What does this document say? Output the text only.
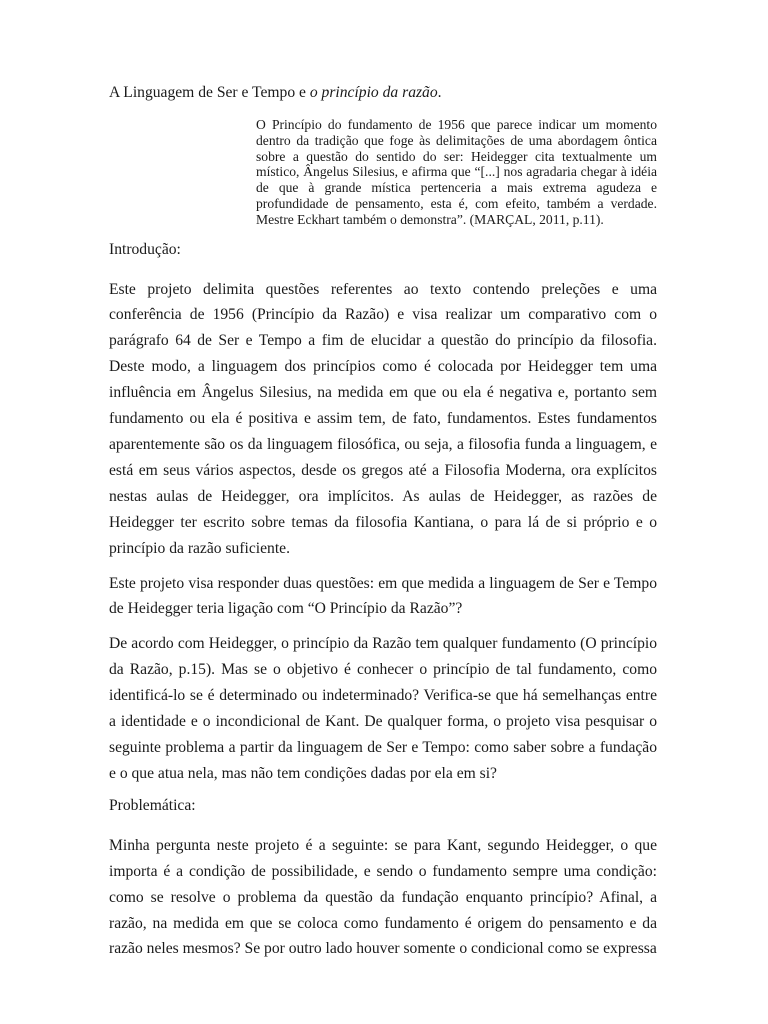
A Linguagem de Ser e Tempo e o princípio da razão.

O Princípio do fundamento de 1956 que parece indicar um momento dentro da tradição que foge às delimitações de uma abordagem ôntica sobre a questão do sentido do ser: Heidegger cita textualmente um místico, Ângelus Silesius, e afirma que “[...] nos agradaria chegar à idéia de que à grande mística pertenceria a mais extrema agudeza e profundidade de pensamento, esta é, com efeito, também a verdade. Mestre Eckhart também o demonstra”. (MARÇAL, 2011, p.11).

Introdução:

Este projeto delimita questões referentes ao texto contendo preleções e uma conferência de 1956 (Princípio da Razão) e visa realizar um comparativo com o parágrafo 64 de Ser e Tempo a fim de elucidar a questão do princípio da filosofia. Deste modo, a linguagem dos princípios como é colocada por Heidegger tem uma influência em Ângelus Silesius, na medida em que ou ela é negativa e, portanto sem fundamento ou ela é positiva e assim tem, de fato, fundamentos. Estes fundamentos aparentemente são os da linguagem filosófica, ou seja, a filosofia funda a linguagem, e está em seus vários aspectos, desde os gregos até a Filosofia Moderna, ora explícitos nestas aulas de Heidegger, ora implícitos. As aulas de Heidegger, as razões de Heidegger ter escrito sobre temas da filosofia Kantiana, o para lá de si próprio e o princípio da razão suficiente.

Este projeto visa responder duas questões: em que medida a linguagem de Ser e Tempo de Heidegger teria ligação com “O Princípio da Razão”?

De acordo com Heidegger, o princípio da Razão tem qualquer fundamento (O princípio da Razão, p.15). Mas se o objetivo é conhecer o princípio de tal fundamento, como identificá-lo se é determinado ou indeterminado? Verifica-se que há semelhanças entre a identidade e o incondicional de Kant. De qualquer forma, o projeto visa pesquisar o seguinte problema a partir da linguagem de Ser e Tempo: como saber sobre a fundação e o que atua nela, mas não tem condições dadas por ela em si?

Problemática:

Minha pergunta neste projeto é a seguinte: se para Kant, segundo Heidegger, o que importa é a condição de possibilidade, e sendo o fundamento sempre uma condição: como se resolve o problema da questão da fundação enquanto princípio? Afinal, a razão, na medida em que se coloca como fundamento é origem do pensamento e da razão neles mesmos? Se por outro lado houver somente o condicional como se expressa
